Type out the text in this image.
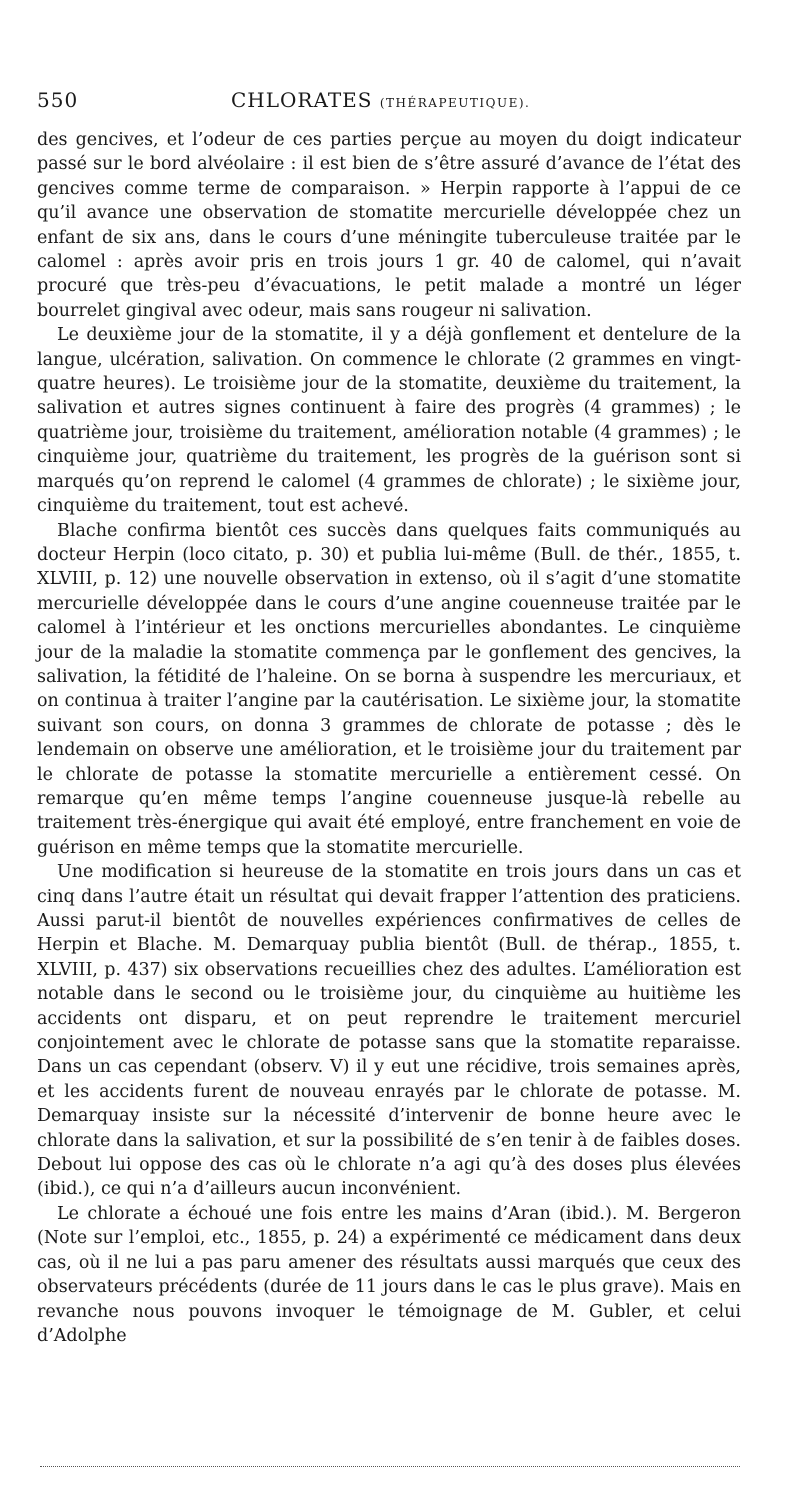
550	CHLORATES (THÉRAPEUTIQUE).

des gencives, et l’odeur de ces parties perçue au moyen du doigt indicateur passé sur le bord alvéolaire : il est bien de s’être assuré d’avance de l’état des gencives comme terme de comparaison. » Herpin rapporte à l’appui de ce qu’il avance une observation de stomatite mercurielle développée chez un enfant de six ans, dans le cours d’une méningite tuberculeuse traitée par le calomel : après avoir pris en trois jours 1 gr. 40 de calomel, qui n’avait procuré que très-peu d’évacuations, le petit malade a montré un léger bourrelet gingival avec odeur, mais sans rougeur ni salivation.

Le deuxième jour de la stomatite, il y a déjà gonflement et dentelure de la langue, ulcération, salivation. On commence le chlorate (2 grammes en vingt-quatre heures). Le troisième jour de la stomatite, deuxième du traitement, la salivation et autres signes continuent à faire des progrès (4 grammes) ; le quatrième jour, troisième du traitement, amélioration notable (4 grammes) ; le cinquième jour, quatrième du traitement, les progrès de la guérison sont si marqués qu’on reprend le calomel (4 grammes de chlorate) ; le sixième jour, cinquième du traitement, tout est achevé.

Blache confirma bientôt ces succès dans quelques faits communiqués au docteur Herpin (loco citato, p. 30) et publia lui-même (Bull. de thér., 1855, t. XLVIII, p. 12) une nouvelle observation in extenso, où il s’agit d’une stomatite mercurielle développée dans le cours d’une angine couenneuse traitée par le calomel à l’intérieur et les onctions mercurielles abondantes. Le cinquième jour de la maladie la stomatite commença par le gonflement des gencives, la salivation, la fétidité de l’haleine. On se borna à suspendre les mercuriaux, et on continua à traiter l’angine par la cautérisation. Le sixième jour, la stomatite suivant son cours, on donna 3 grammes de chlorate de potasse ; dès le lendemain on observe une amélioration, et le troisième jour du traitement par le chlorate de potasse la stomatite mercurielle a entièrement cessé. On remarque qu’en même temps l’angine couenneuse jusque-là rebelle au traitement très-énergique qui avait été employé, entre franchement en voie de guérison en même temps que la stomatite mercurielle.

Une modification si heureuse de la stomatite en trois jours dans un cas et cinq dans l’autre était un résultat qui devait frapper l’attention des praticiens. Aussi parut-il bientôt de nouvelles expériences confirmatives de celles de Herpin et Blache. M. Demarquay publia bientôt (Bull. de thérap., 1855, t. XLVIII, p. 437) six observations recueillies chez des adultes. L’amélioration est notable dans le second ou le troisième jour, du cinquième au huitième les accidents ont disparu, et on peut reprendre le traitement mercuriel conjointement avec le chlorate de potasse sans que la stomatite reparaisse. Dans un cas cependant (observ. V) il y eut une récidive, trois semaines après, et les accidents furent de nouveau enrayés par le chlorate de potasse. M. Demarquay insiste sur la nécessité d’intervenir de bonne heure avec le chlorate dans la salivation, et sur la possibilité de s’en tenir à de faibles doses. Debout lui oppose des cas où le chlorate n’a agi qu’à des doses plus élevées (ibid.), ce qui n’a d’ailleurs aucun inconvénient.

Le chlorate a échoué une fois entre les mains d’Aran (ibid.). M. Bergeron (Note sur l’emploi, etc., 1855, p. 24) a expérimenté ce médicament dans deux cas, où il ne lui a pas paru amener des résultats aussi marqués que ceux des observateurs précédents (durée de 11 jours dans le cas le plus grave). Mais en revanche nous pouvons invoquer le témoignage de M. Gubler, et celui d’Adolphe
